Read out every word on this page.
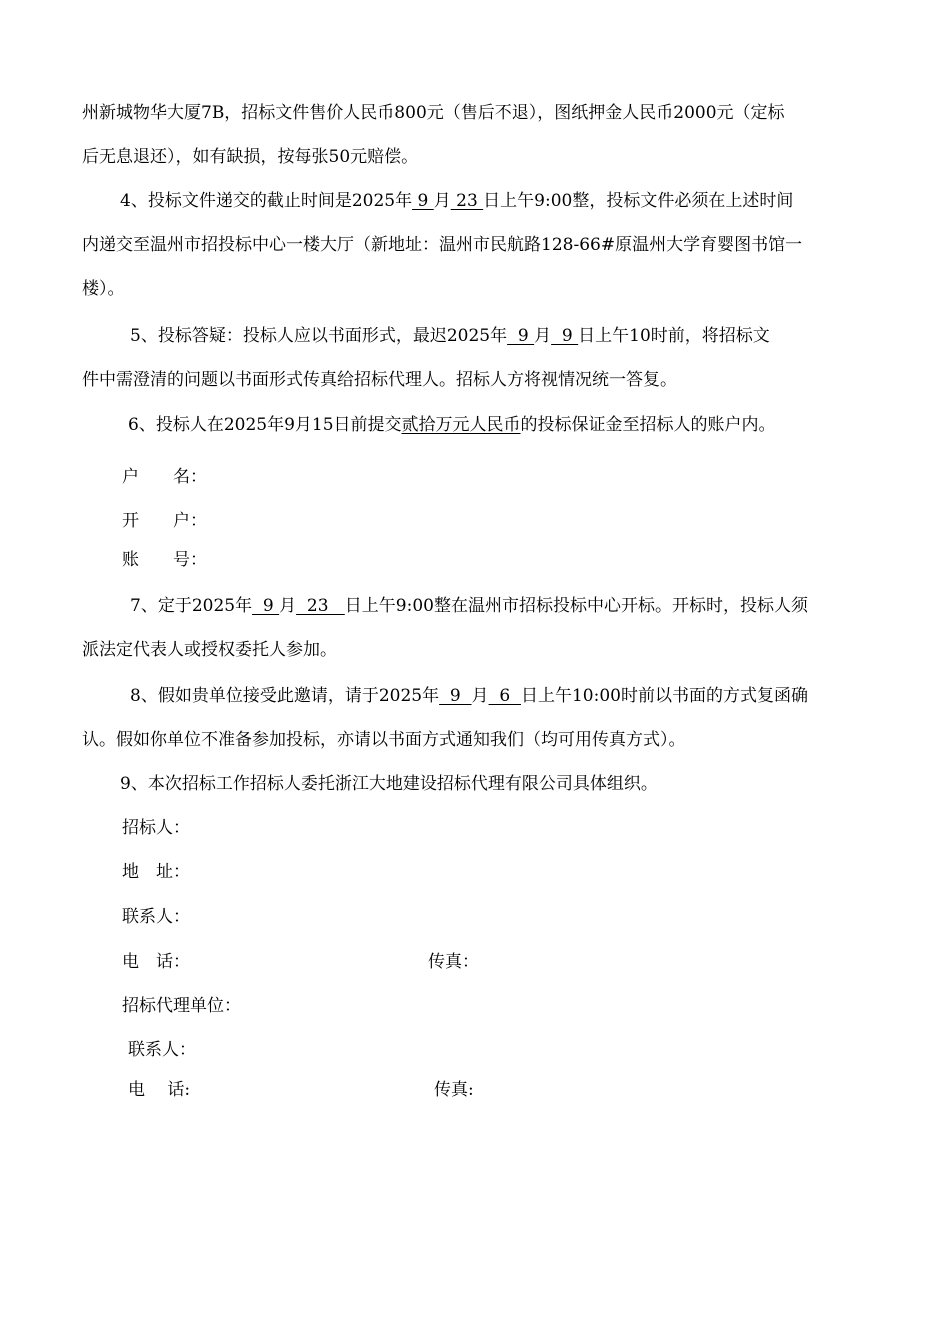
州新城物华大厦7B，招标文件售价人民币800元（售后不退），图纸押金人民币2000元（定标
后无息退还），如有缺损，按每张50元赔偿。
4、投标文件递交的截止时间是2025年 9 月 23 日上午9:00整，投标文件必须在上述时间
内递交至温州市招投标中心一楼大厅（新地址：温州市民航路128-66#原温州大学育婴图书馆一
楼）。
5、投标答疑：投标人应以书面形式，最迟2025年  9 月  9 日上午10时前，将招标文
件中需澄清的问题以书面形式传真给招标代理人。招标人方将视情况统一答复。
6、投标人在2025年9月15日前提交贰拾万元人民币的投标保证金至招标人的账户内。
户　　名：
开　　户：
账　　号：
7、定于2025年  9 月  23   日上午9:00整在温州市招标投标中心开标。开标时，投标人须
派法定代表人或授权委托人参加。
8、假如贵单位接受此邀请，请于2025年  9  月  6  日上午10:00时前以书面的方式复函确
认。假如你单位不准备参加投标，亦请以书面方式通知我们（均可用传真方式）。
9、本次招标工作招标人委托浙江大地建设招标代理有限公司具体组织。
招标人：
地　址：
联系人：
电　话：	传真：
招标代理单位：
联系人：
电　 话:	传真:
